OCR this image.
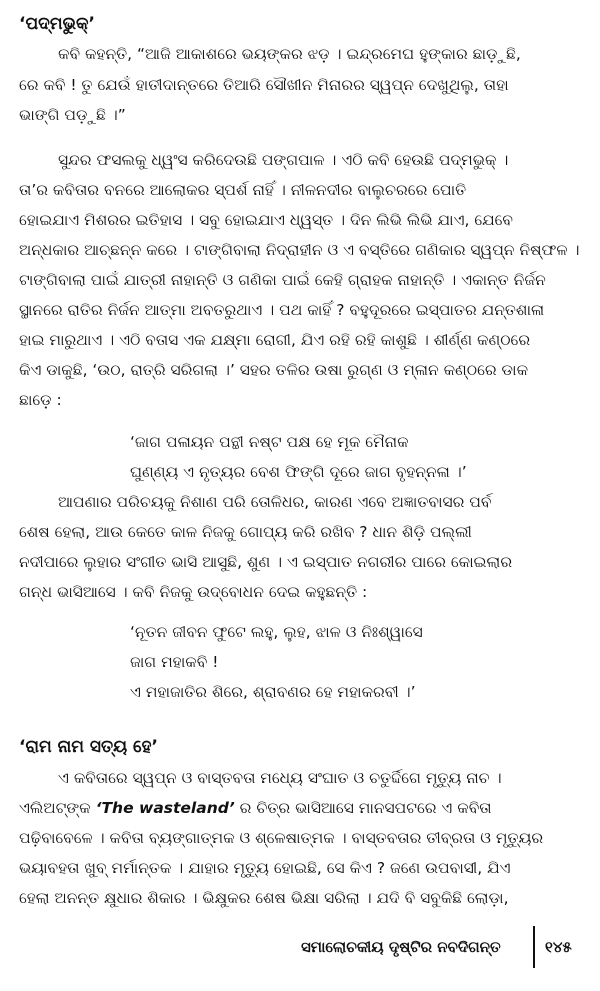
‘ପଦ୍ମଭୁକ୍’
କବି କହନ୍ତି, “ଆଜି ଆକାଶରେ ଭୟଙ୍କର ଝଡ଼ । ଇନ୍ଦ୍ରମେଘ ହୁଙ୍କାର ଛାଡ଼ୁଛି,
ରେ କବି ! ତୁ ଯେଉଁ ହାତୀଦାନ୍ତରେ ତିଆରି ସୌଖୀନ ମିନାରର ସ୍ୱପ୍ନ ଦେଖୁଥିଲୁ, ତାହା
ଭାଙ୍ଗି ପଡ଼ୁଛି ।”
ସୁନ୍ଦର ଫସଲକୁ ଧ୍ୱଂସ କରିଦେଉଛି ପଙ୍ଗପାଳ । ଏଠି କବି ହେଉଛି ପଦ୍ମଭୁକ୍ ।
ତା’ର କବିତାର ବନରେ ଆଲୋକର ସ୍ପର୍ଶ ନାହିଁ । ନୀଳନଦୀର ବାଲୁଚରରେ ପୋତି
ହୋଇଯାଏ ମିଶରର ଇତିହାସ । ସବୁ ହୋଇଯାଏ ଧ୍ୱସ୍ତ । ଦିନ ଲିଭି ଲିଭି ଯାଏ, ଯେବେ
ଅନ୍ଧକାର ଆଚ୍ଛନ୍ନ କରେ । ଟାଙ୍ଗିବାଲା ନିଦ୍ରାହୀନ ଓ ଏ ବସ୍ତିରେ ଗଣିକାର ସ୍ୱପ୍ନ ନିଷ୍ଫଳ ।
ଟାଙ୍ଗିବାଲା ପାଇଁ ଯାତ୍ରୀ ନାହାନ୍ତି ଓ ଗଣିକା ପାଇଁ କେହି ଗ୍ରାହକ ନାହାନ୍ତି । ଏକାନ୍ତ ନିର୍ଜନ
ସ୍ଥାନରେ ରାତିର ନିର୍ଜନ ଆତ୍ମା ଅବତରୁଥାଏ । ପଥ କାହିଁ ? ବହୁଦୂରରେ ଇସ୍ପାତର ଯନ୍ତଶାଳା
ହାଇ ମାରୁଥାଏ । ଏଠି ବତାସ ଏକ ଯକ୍ଷ୍ମା ରୋଗୀ, ଯିଏ ରହି ରହି କାଶୁଛି । ଶୀର୍ଣ୍ଣ କଣ୍ଠରେ
କିଏ ଡାକୁଛି, ‘ଉଠ, ରାତ୍ରି ସରିଗଲା ।’ ସହର ତଳିର ଉଷା ରୁଗ୍ଣ ଓ ମ୍ଳାନ କଣ୍ଠରେ ଡାକ
ଛାଡ଼େ :
‘ଜାଗ ପଳାୟନ ପନ୍ଥୀ ନଷ୍ଟ ପକ୍ଷ ହେ ମୂକ ମୈନାକ
ଘୁଣ୍ଣ୍ୟ ଏ ନୃତ୍ୟର ବେଶ ଫିଙ୍ଗି ଦୂରେ ଜାଗ ବୃହନ୍ନଳା ।’
ଆପଣାର ପରିଚୟକୁ ନିଶାଣ ପରି ତୋଳିଧର, କାରଣ ଏବେ ଅଜ୍ଞାତବାସର ପର୍ବ
ଶେଷ ହେଲା, ଆଉ କେତେ କାଳ ନିଜକୁ ଗୋପ୍ୟ କରି ରଖିବ ? ଧାନ ଶିଡ଼ି ପଲ୍ଲୀ
ନଦୀପାରେ ଲୁହାର ସଂଗୀତ ଭାସି ଆସୁଛି, ଶୁଣ । ଏ ଇସ୍ପାତ ନଗରୀର ପାରେ କୋଇଲାର
ଗନ୍ଧ ଭାସିଆସେ । କବି ନିଜକୁ ଉଦ୍‌ବୋଧନ ଦେଇ କହୁଛନ୍ତି :
‘ନୂତନ ଜୀବନ ଫୁଟେ ଲହୁ, ଲୁହ, ଝାଳ ଓ ନିଃଶ୍ୱାସେ
ଜାଗ ମହାକବି !
ଏ ମହାଜାତିର ଶିରେ, ଶ୍ରାବଣର ହେ ମହାକରବୀ ।’
‘ରାମ ନାମ ସତ୍ୟ ହେ’
ଏ କବିତାରେ ସ୍ୱପ୍ନ ଓ ବାସ୍ତବତା ମଧ୍ୟେ ସଂଘାତ ଓ ଚତୁର୍ଦ୍ଦିଗେ ମୃତ୍ୟୁ ନାଚ ।
ଏଲିଅଟ୍‌ଙ୍କ ‘The wasteland’ ର ଚିତ୍ର ଭାସିଆସେ ମାନସପଟରେ ଏ କବିତା
ପଢ଼ିବାବେଳେ । କବିତା ବ୍ୟଙ୍ଗାତ୍ମକ ଓ ଶ୍ଳେଷାତ୍ମକ । ବାସ୍ତବତାର ତୀବ୍ରତା ଓ ମୃତ୍ୟୁର
ଭୟାବହତା ଖୁବ୍ ମର୍ମାନ୍ତକ । ଯାହାର ମୃତ୍ୟୁ ହୋଇଛି, ସେ କିଏ ? ଜଣେ ଉପବାସୀ, ଯିଏ
ହେଲା ଅନନ୍ତ କ୍ଷୁଧାର ଶିକାର । ଭିକ୍ଷୁକର ଶେଷ ଭିକ୍ଷା ସରିଲା । ଯଦି ବି ସବୁକିଛି ଲୋଡ଼ା,
ସମାଲୋଚକୀୟ ଦୃଷ୍ଟିର ନବଦିଗନ୍ତ	୧୪୫
